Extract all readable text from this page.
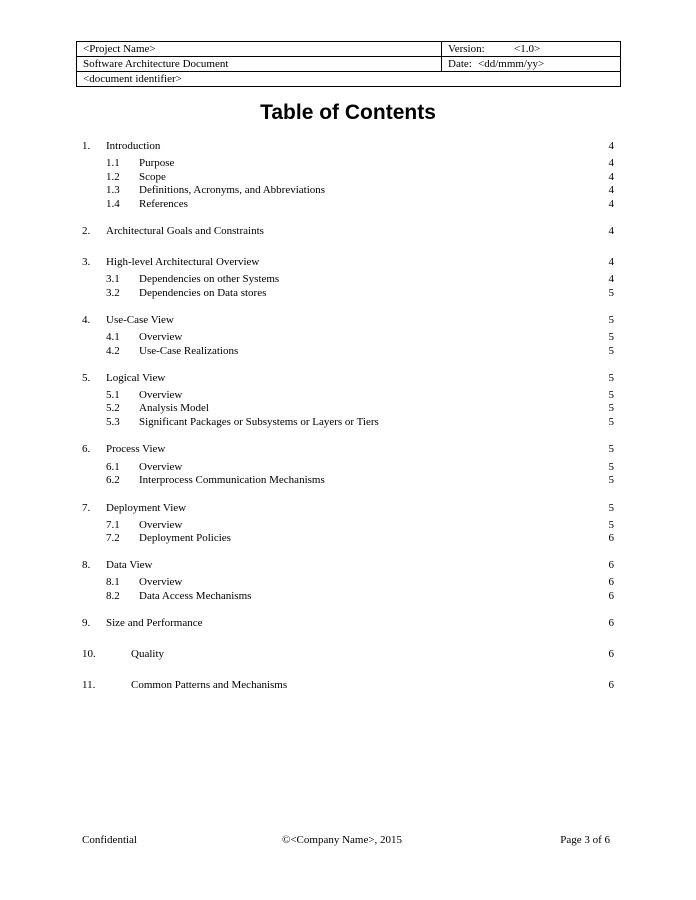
<Project Name>	Version: <1.0>
Software Architecture Document	Date: <dd/mmm/yy>
<document identifier>	
Table of Contents
1. Introduction	4
1.1 Purpose	4
1.2 Scope	4
1.3 Definitions, Acronyms, and Abbreviations	4
1.4 References	4
2. Architectural Goals and Constraints	4
3. High-level Architectural Overview	4
3.1 Dependencies on other Systems	4
3.2 Dependencies on Data stores	5
4. Use-Case View	5
4.1 Overview	5
4.2 Use-Case Realizations	5
5. Logical View	5
5.1 Overview	5
5.2 Analysis Model	5
5.3 Significant Packages or Subsystems or Layers or Tiers	5
6. Process View	5
6.1 Overview	5
6.2 Interprocess Communication Mechanisms	5
7. Deployment View	5
7.1 Overview	5
7.2 Deployment Policies	6
8. Data View	6
8.1 Overview	6
8.2 Data Access Mechanisms	6
9. Size and Performance	6
10.	Quality	6
11.	Common Patterns and Mechanisms	6
Confidential	©<Company Name>, 2015	Page 3 of 6
